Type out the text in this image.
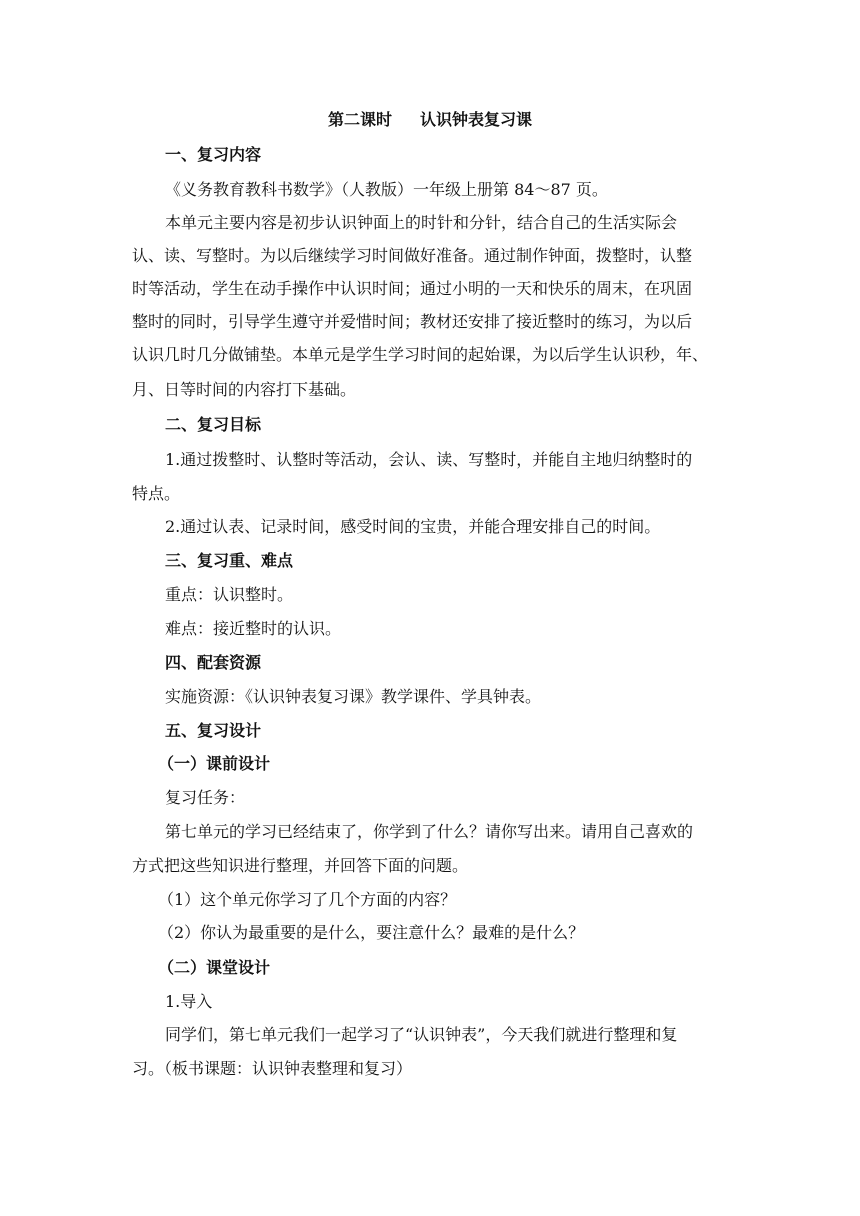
第二课时 认识钟表复习课
一、复习内容
《义务教育教科书数学》（人教版）一年级上册第 84～87 页。
本单元主要内容是初步认识钟面上的时针和分针，结合自己的生活实际会
认、读、写整时。为以后继续学习时间做好准备。通过制作钟面，拨整时，认整
时等活动，学生在动手操作中认识时间；通过小明的一天和快乐的周末，在巩固
整时的同时，引导学生遵守并爱惜时间；教材还安排了接近整时的练习，为以后
认识几时几分做铺垫。本单元是学生学习时间的起始课，为以后学生认识秒，年、
月、日等时间的内容打下基础。
二、复习目标
1.通过拨整时、认整时等活动，会认、读、写整时，并能自主地归纳整时的
特点。
2.通过认表、记录时间，感受时间的宝贵，并能合理安排自己的时间。
三、复习重、难点
重点：认识整时。
难点：接近整时的认识。
四、配套资源
实施资源：《认识钟表复习课》教学课件、学具钟表。
五、复习设计
（一）课前设计
复习任务：
第七单元的学习已经结束了，你学到了什么？请你写出来。请用自己喜欢的
方式把这些知识进行整理，并回答下面的问题。
（1）这个单元你学习了几个方面的内容？
（2）你认为最重要的是什么，要注意什么？最难的是什么？
（二）课堂设计
1.导入
同学们，第七单元我们一起学习了“认识钟表”，今天我们就进行整理和复
习。（板书课题：认识钟表整理和复习）
